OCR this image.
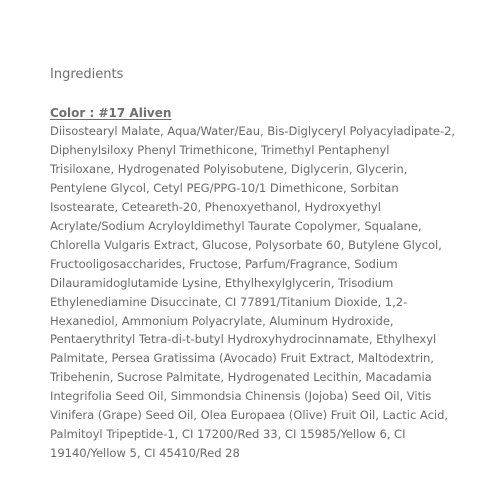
Ingredients
Color : #17 Aliven
Diisostearyl Malate, Aqua/Water/Eau, Bis-Diglyceryl Polyacyladipate-2,
Diphenylsiloxy Phenyl Trimethicone, Trimethyl Pentaphenyl
Trisiloxane, Hydrogenated Polyisobutene, Diglycerin, Glycerin,
Pentylene Glycol, Cetyl PEG/PPG-10/1 Dimethicone, Sorbitan
Isostearate, Ceteareth-20, Phenoxyethanol, Hydroxyethyl
Acrylate/Sodium Acryloyldimethyl Taurate Copolymer, Squalane,
Chlorella Vulgaris Extract, Glucose, Polysorbate 60, Butylene Glycol,
Fructooligosaccharides, Fructose, Parfum/Fragrance, Sodium
Dilauramidoglutamide Lysine, Ethylhexylglycerin, Trisodium
Ethylenediamine Disuccinate, CI 77891/Titanium Dioxide, 1,2-
Hexanediol, Ammonium Polyacrylate, Aluminum Hydroxide,
Pentaerythrityl Tetra-di-t-butyl Hydroxyhydrocinnamate, Ethylhexyl
Palmitate, Persea Gratissima (Avocado) Fruit Extract, Maltodextrin,
Tribehenin, Sucrose Palmitate, Hydrogenated Lecithin, Macadamia
Integrifolia Seed Oil, Simmondsia Chinensis (Jojoba) Seed Oil, Vitis
Vinifera (Grape) Seed Oil, Olea Europaea (Olive) Fruit Oil, Lactic Acid,
Palmitoyl Tripeptide-1, CI 17200/Red 33, CI 15985/Yellow 6, CI
19140/Yellow 5, CI 45410/Red 28
